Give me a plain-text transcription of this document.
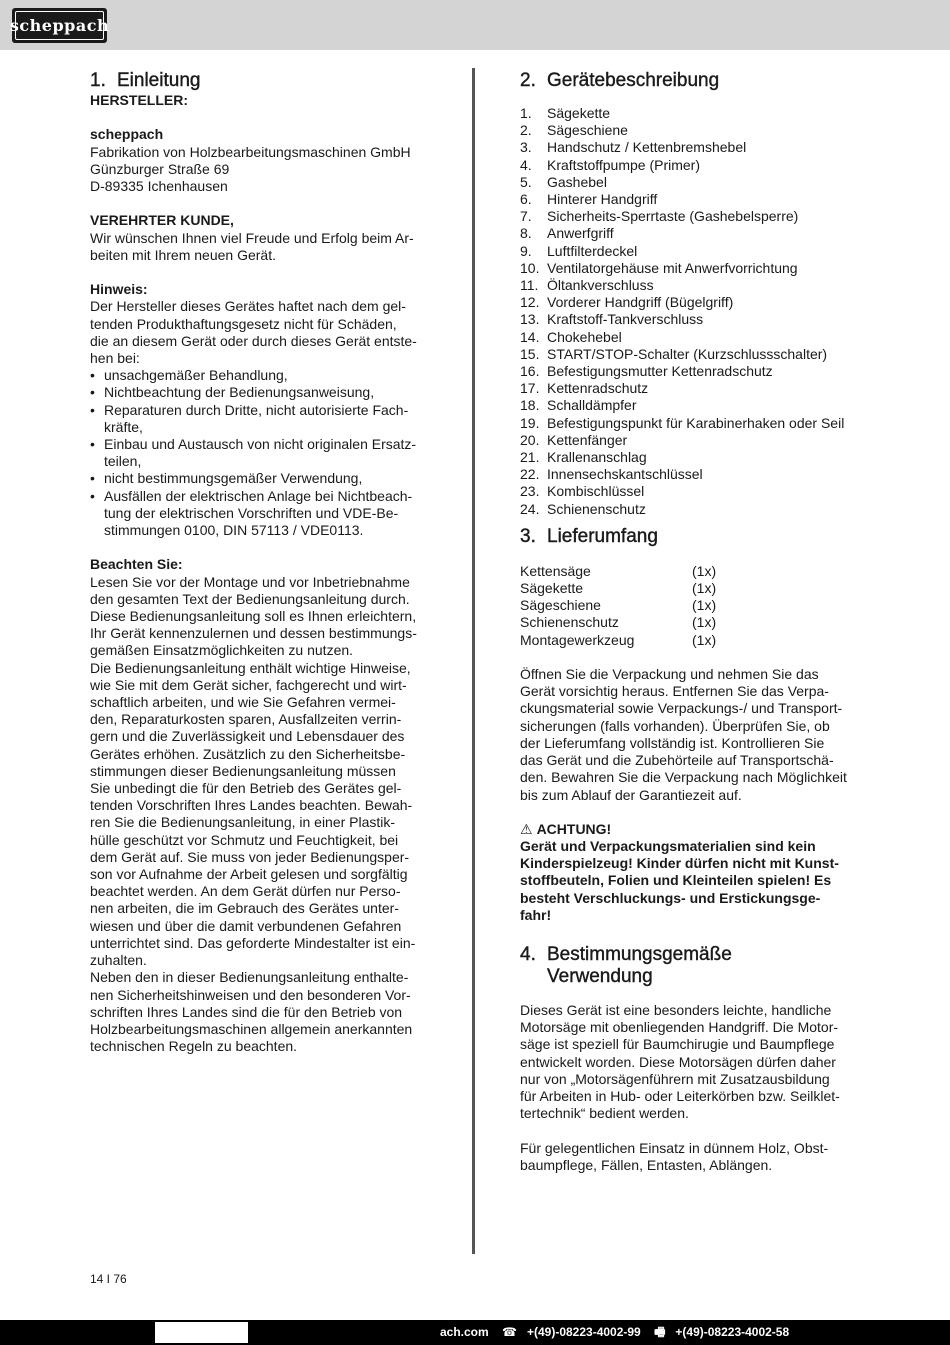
scheppach
1. Einleitung

HERSTELLER:

scheppach

Fabrikation von Holzbearbeitungsmaschinen GmbH
Günzburger Straße 69
D-89335 Ichenhausen

VEREHRTER KUNDE,

Wir wünschen Ihnen viel Freude und Erfolg beim Ar-
beiten mit Ihrem neuen Gerät.

Hinweis:

Der Hersteller dieses Gerätes haftet nach dem gel-
tenden Produkthaftungsgesetz nicht für Schäden,
die an diesem Gerät oder durch dieses Gerät entste-
hen bei:
• unsachgemäßer Behandlung,
• Nichtbeachtung der Bedienungsanweisung,
• Reparaturen durch Dritte, nicht autorisierte Fach-
kräfte,
• Einbau und Austausch von nicht originalen Ersatz-
teilen,
• nicht bestimmungsgemäßer Verwendung,
• Ausfällen der elektrischen Anlage bei Nichtbeach-
tung der elektrischen Vorschriften und VDE-Be-
stimmungen 0100, DIN 57113 / VDE0113.

Beachten Sie:

Lesen Sie vor der Montage und vor Inbetriebnahme
den gesamten Text der Bedienungsanleitung durch.
Diese Bedienungsanleitung soll es Ihnen erleichtern,
Ihr Gerät kennenzulernen und dessen bestimmungs-
gemäßen Einsatzmöglichkeiten zu nutzen.
Die Bedienungsanleitung enthält wichtige Hinweise,
wie Sie mit dem Gerät sicher, fachgerecht und wirt-
schaftlich arbeiten, und wie Sie Gefahren vermei-
den, Reparaturkosten sparen, Ausfallzeiten verrin-
gern und die Zuverlässigkeit und Lebensdauer des
Gerätes erhöhen. Zusätzlich zu den Sicherheitsbe-
stimmungen dieser Bedienungsanleitung müssen
Sie unbedingt die für den Betrieb des Gerätes gel-
tenden Vorschriften Ihres Landes beachten. Bewah-
ren Sie die Bedienungsanleitung, in einer Plastik-
hülle geschützt vor Schmutz und Feuchtigkeit, bei
dem Gerät auf. Sie muss von jeder Bedienungsper-
son vor Aufnahme der Arbeit gelesen und sorgfältig
beachtet werden. An dem Gerät dürfen nur Perso-
nen arbeiten, die im Gebrauch des Gerätes unter-
wiesen und über die damit verbundenen Gefahren
unterrichtet sind. Das geforderte Mindestalter ist ein-
zuhalten.
Neben den in dieser Bedienungsanleitung enthalte-
nen Sicherheitshinweisen und den besonderen Vor-
schriften Ihres Landes sind die für den Betrieb von
Holzbearbeitungsmaschinen allgemein anerkannten
technischen Regeln zu beachten.
2. Gerätebeschreibung
1.	Sägekette
2.	Sägeschiene
3.	Handschutz / Kettenbremshebel
4.	Kraftstoffpumpe (Primer)
5.	Gashebel
6.	Hinterer Handgriff
7.	Sicherheits-Sperrtaste (Gashebelsperre)
8.	Anwerfgriff
9.	Luftfilterdeckel
10. Ventilatorgehäuse mit Anwerfvorrichtung
11. Öltankverschluss
12. Vorderer Handgriff (Bügelgriff)
13. Kraftstoff-Tankverschluss
14. Chokehebel
15. START/STOP-Schalter (Kurzschlussschalter)
16. Befestigungsmutter Kettenradschutz
17. Kettenradschutz
18. Schalldämpfer
19. Befestigungspunkt für Karabinerhaken oder Seil
20. Kettenfänger
21. Krallenanschlag
22. Innensechskantschlüssel
23. Kombischlüssel
24. Schienenschutz
3. Lieferumfang
Kettensäge	(1x)
Sägekette	(1x)
Sägeschiene	(1x)
Schienenschutz	(1x)
Montagewerkzeug	(1x)
Öffnen Sie die Verpackung und nehmen Sie das
Gerät vorsichtig heraus. Entfernen Sie das Verpa-
ckungsmaterial sowie Verpackungs-/ und Transport-
sicherungen (falls vorhanden). Überprüfen Sie, ob
der Lieferumfang vollständig ist. Kontrollieren Sie
das Gerät und die Zubehörteile auf Transportschä-
den. Bewahren Sie die Verpackung nach Möglichkeit
bis zum Ablauf der Garantiezeit auf.
⚠ ACHTUNG!
Gerät und Verpackungsmaterialien sind kein
Kinderspielzeug! Kinder dürfen nicht mit Kunst-
stoffbeuteln, Folien und Kleinteilen spielen! Es
besteht Verschluckungs- und Erstickungsge-
fahr!
4. Bestimmungsgemäße
Verwendung
Dieses Gerät ist eine besonders leichte, handliche
Motorsäge mit obenliegenden Handgriff. Die Motor-
säge ist speziell für Baumchirugie und Baumpflege
entwickelt worden. Diese Motorsägen dürfen daher
nur von „Motorsägenführern mit Zusatzausbildung
für Arbeiten in Hub- oder Leiterkörben bzw. Seilklet-
tertechnik“ bedient werden.
Für gelegentlichen Einsatz in dünnem Holz, Obst-
baumpflege, Fällen, Entasten, Ablängen.
14 I 76
ach.com ☎ +(49)-08223-4002-99 🖷 +(49)-08223-4002-58
